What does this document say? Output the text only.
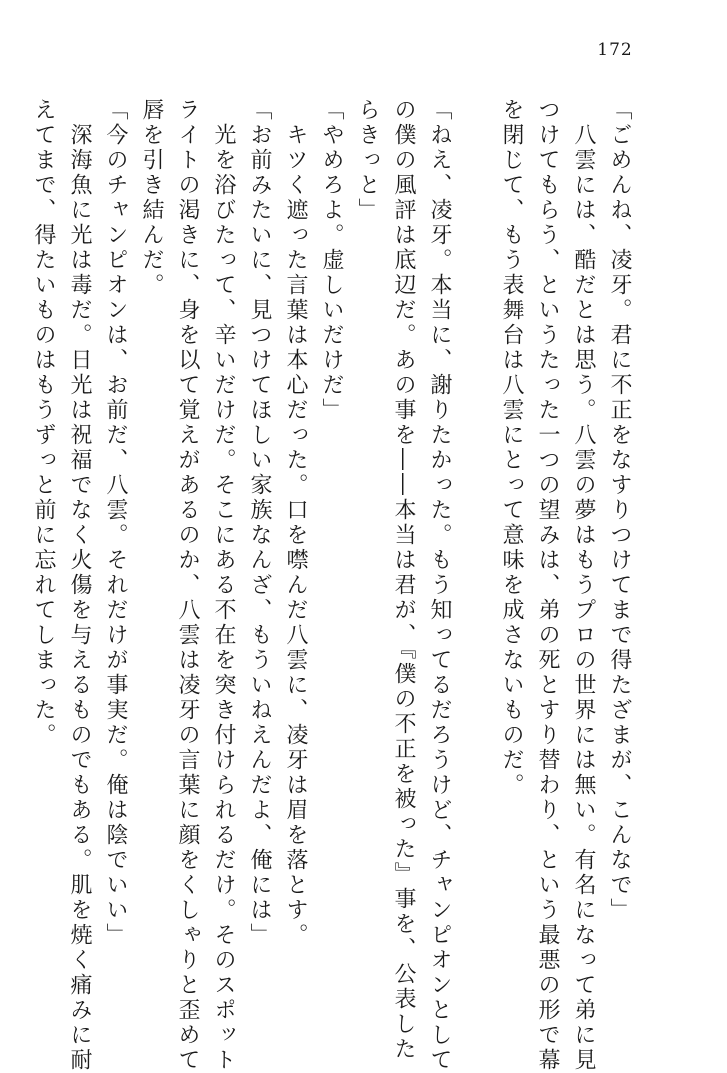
172

「ごめんね、凌牙。君に不正をなすりつけてまで得たざまが、こんなで」

　八雲には、酷だとは思う。八雲の夢はもうプロの世界には無い。有名になって弟に見

つけてもらう、というたった一つの望みは、弟の死とすり替わり、という最悪の形で幕

を閉じて、もう表舞台は八雲にとって意味を成さないものだ。

「ねえ、凌牙。本当に、謝りたかった。もう知ってるだろうけど、チャンピオンとして

の僕の風評は底辺だ。あの事を――本当は君が、『僕の不正を被った』事を、公表した

らきっと」

「やめろよ。虚しいだけだ」

　キツく遮った言葉は本心だった。口を噤んだ八雲に、凌牙は眉を落とす。

「お前みたいに、見つけてほしい家族なんざ、もういねえんだよ、俺には」

　光を浴びたって、辛いだけだ。そこにある不在を突き付けられるだけ。そのスポット

ライトの渇きに、身を以て覚えがあるのか、八雲は凌牙の言葉に顔をくしゃりと歪めて

唇を引き結んだ。

「今のチャンピオンは、お前だ、八雲。それだけが事実だ。俺は陰でいい」

　深海魚に光は毒だ。日光は祝福でなく火傷を与えるものでもある。肌を焼く痛みに耐

えてまで、得たいものはもうずっと前に忘れてしまった。
